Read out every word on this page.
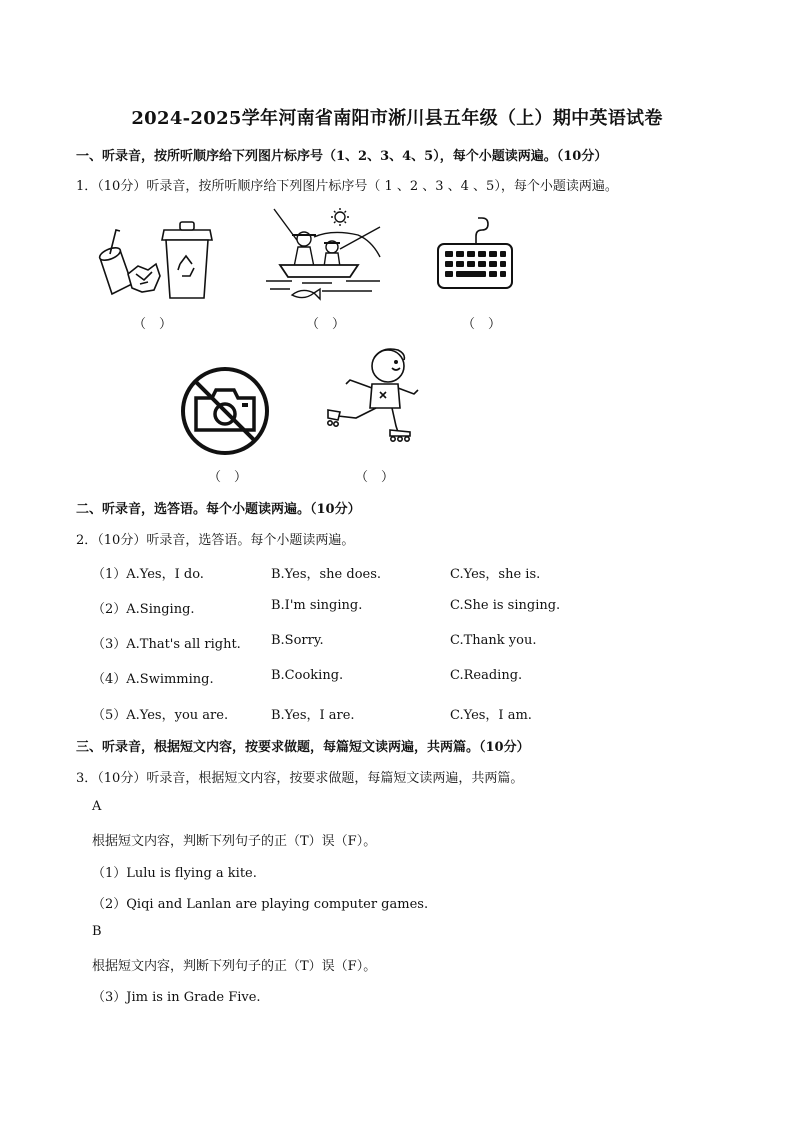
2024-2025学年河南省南阳市淅川县五年级（上）期中英语试卷
一、听录音，按所听顺序给下列图片标序号（1、2、3、4、5），每个小题读两遍。（10分）
1．（10分）听录音，按所听顺序给下列图片标序号（ 1 、2 、3 、4 、5），每个小题读两遍。
（　）	（　）	（　）
（　）	（　）
二、听录音，选答语。每个小题读两遍。（10分）
2．（10分）听录音，选答语。每个小题读两遍。
（1）A.Yes，I do.	B.Yes，she does.	C.Yes，she is.
（2）A.Singing.	B.I'm singing.	C.She is singing.
（3）A.That's all right. B.Sorry.	C.Thank you.
（4）A.Swimming.	B.Cooking.	C.Reading.
（5）A.Yes，you are.	B.Yes，I are.	C.Yes，I am.
三、听录音，根据短文内容，按要求做题，每篇短文读两遍，共两篇。（10分）
3．（10分）听录音，根据短文内容，按要求做题，每篇短文读两遍，共两篇。
A
根据短文内容，判断下列句子的正（T）误（F）。
（1）Lulu is flying a kite.
（2）Qiqi and Lanlan are playing computer games.
B
根据短文内容，判断下列句子的正（T）误（F）。
（3）Jim is in Grade Five.
